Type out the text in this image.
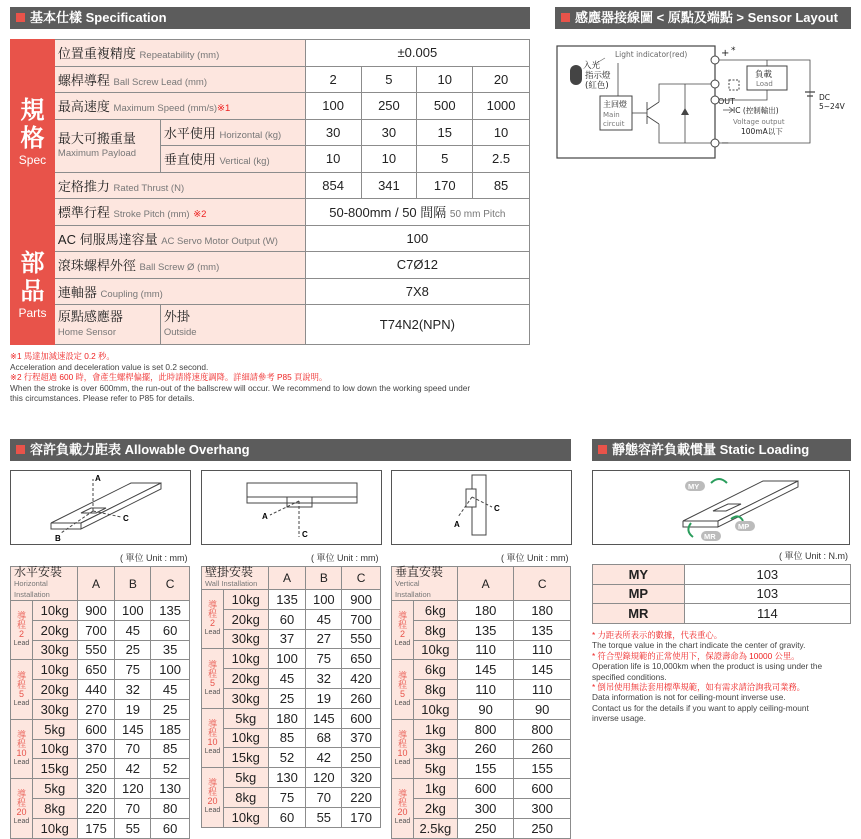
基本仕樣 Specification
規
格
Spec	位置重複精度 Repeatability (mm)		±0.005			
	螺桿導程 Ball Screw Lead (mm)		2	5	10	20
	最高速度 Maximum Speed (mm/s)※1		100	250	500	1000
	最大可搬重量
Maximum Payload	水平使用 Horizontal (kg)	30	30	15	10
		垂直使用 Vertical (kg)	10	10	5	2.5
	定格推力 Rated Thrust (N)		854	341	170	85
	標準行程 Stroke Pitch (mm) ※2		50-800mm / 50 間隔 50 mm Pitch			

部
品
Parts	AC 伺服馬達容量 AC Servo Motor Output (W)		100			
	滾珠螺桿外徑 Ball Screw Ø (mm)		C7Ø12			
	連軸器 Coupling (mm)		7X8			
	原點感應器
Home Sensor	外掛
Outside	T74N2(NPN)			
※1 馬達加減速設定 0.2 秒。
Acceleration and deceleration value is set 0.2 second.
※2 行程超過 600 時，會產生螺桿偏擺，此時請將速度調降。詳細請參考 P85 頁說明。
When the stroke is over 600mm, the run-out of the ballscrew will occur. We recommend to low down the working speed under
this circumstances. Please refer to P85 for details.
感應器接線圖 < 原點及端點 > Sensor Layout
Light indicator(red)
入光
指示燈
(紅色)
主回燈
Main
circuit
+ *
−
OUT
負載
Load
DC
5~24V
IC (控制輸出)
Voltage output
100mA以下
容許負載力距表 Allowable Overhang
A
C
B
A
C
C
A
( 單位 Unit : mm)	( 單位 Unit : mm)	( 單位 Unit : mm)
水平安裝
Horizontal Installation		A	B	C

導
程
2
Lead	10kg	900	100	135
	20kg	700	45	60
	30kg	550	25	35

導
程
5
Lead	10kg	650	75	100
	20kg	440	32	45
	30kg	270	19	25

導
程
10
Lead	5kg	600	145	185
	10kg	370	70	85
	15kg	250	42	52

導
程
20
Lead	5kg	320	120	130
	8kg	220	70	80
	10kg	175	55	60
壁掛安裝
Wall Installation		A	B	C

導
程
2
Lead	10kg	135	100	900
	20kg	60	45	700
	30kg	37	27	550

導
程
5
Lead	10kg	100	75	650
	20kg	45	32	420
	30kg	25	19	260

導
程
10
Lead	5kg	180	145	600
	10kg	85	68	370
	15kg	52	42	250

導
程
20
Lead	5kg	130	120	320
	8kg	75	70	220
	10kg	60	55	170
垂直安裝
Vertical Installation		A	C

導
程
2
Lead	6kg	180	180
	8kg	135	135
	10kg	110	110

導
程
5
Lead	6kg	145	145
	8kg	110	110
	10kg	90	90

導
程
10
Lead	1kg	800	800
	3kg	260	260
	5kg	155	155

導
程
20
Lead	1kg	600	600
	2kg	300	300
	2.5kg	250	250
靜態容許負載慣量 Static Loading
MY
MP
MR
( 單位 Unit : N.m)
MY	103
MP	103
MR	114
* 力距表所表示的數據，代表重心。
The torque value in the chart indicate the center of gravity.
* 符合型錄規範的正常使用下，保證壽命為 10000 公里。
Operation life is 10,000km when the product is using under the
specified conditions.
* 倒吊使用無法套用標準規範，如有需求請洽詢我司業務。
Data information is not for ceiling-mount inverse use.
Contact us for the details if you want to apply ceiling-mount
inverse usage.
